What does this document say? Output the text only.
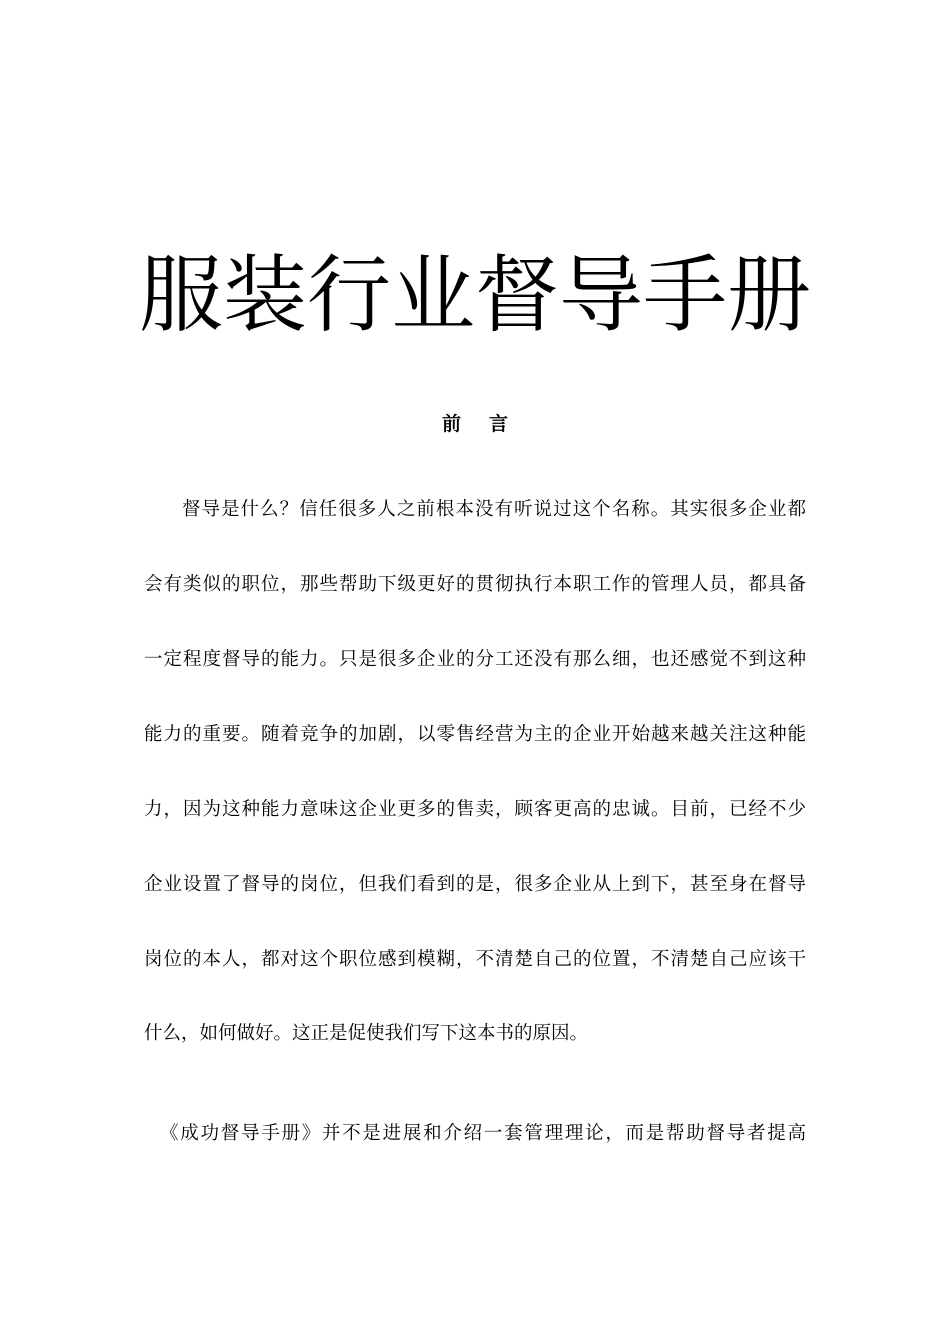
服装行业督导手册
前 言

督导是什么？信任很多人之前根本没有听说过这个名称。其实很多企业都

会有类似的职位，那些帮助下级更好的贯彻执行本职工作的管理人员，都具备

一定程度督导的能力。只是很多企业的分工还没有那么细，也还感觉不到这种

能力的重要。随着竞争的加剧，以零售经营为主的企业开始越来越关注这种能

力，因为这种能力意味这企业更多的售卖，顾客更高的忠诚。目前，已经不少

企业设置了督导的岗位，但我们看到的是，很多企业从上到下，甚至身在督导

岗位的本人，都对这个职位感到模糊，不清楚自己的位置，不清楚自己应该干

什么，如何做好。这正是促使我们写下这本书的原因。

《成功督导手册》并不是进展和介绍一套管理理论，而是帮助督导者提高
